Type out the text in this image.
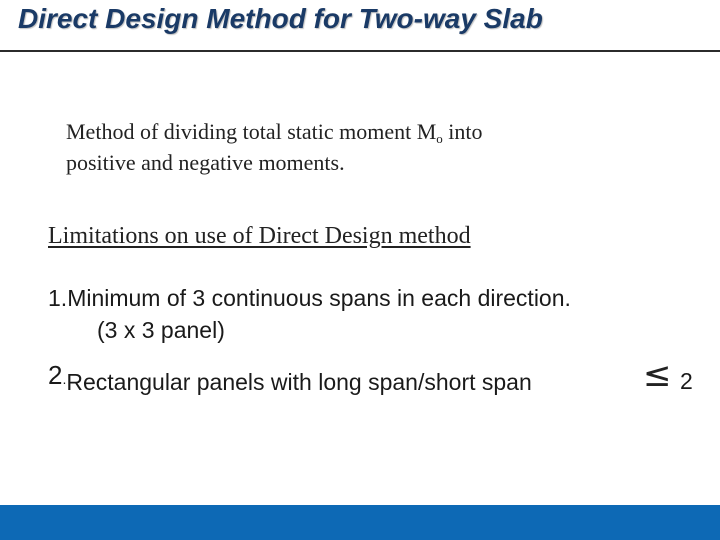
Direct Design Method for Two-way Slab
Method of dividing total static moment $M_o$ into
positive and negative moments.
Limitations on use of Direct Design method
1.Minimum of 3 continuous spans in each direction.
(3 x 3 panel)
2.Rectangular panels with long span/short span	≤ 2
